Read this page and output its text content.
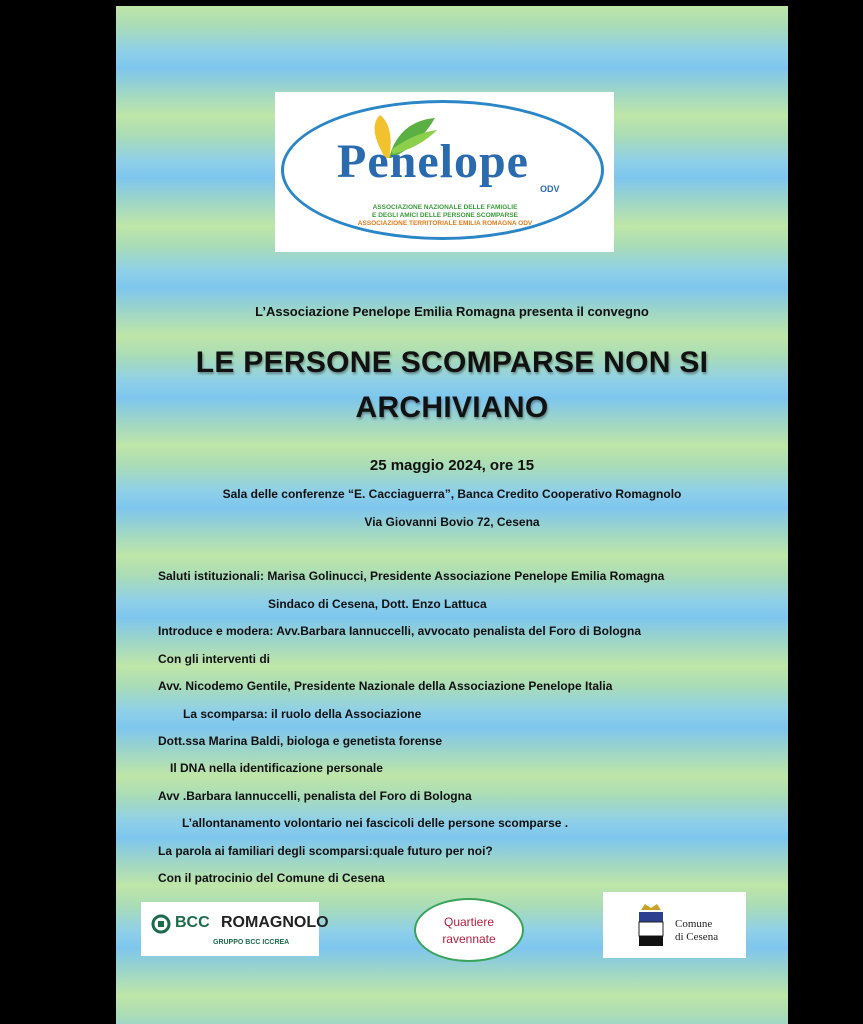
Penelope
ODV
ASSOCIAZIONE NAZIONALE DELLE FAMIGLIE
E DEGLI AMICI DELLE PERSONE SCOMPARSE
ASSOCIAZIONE TERRITORIALE EMILIA ROMAGNA ODV
L’Associazione Penelope Emilia Romagna presenta il convegno
LE PERSONE SCOMPARSE NON SI
ARCHIVIANO
25 maggio 2024, ore 15
Sala delle conferenze “E. Cacciaguerra”, Banca Credito Cooperativo Romagnolo
Via Giovanni Bovio 72, Cesena
Saluti istituzionali: Marisa Golinucci, Presidente Associazione Penelope Emilia Romagna
Sindaco di Cesena, Dott. Enzo Lattuca
Introduce e modera: Avv.Barbara Iannuccelli, avvocato penalista del Foro di Bologna
Con gli interventi di
Avv. Nicodemo Gentile, Presidente Nazionale della Associazione Penelope Italia
La scomparsa: il ruolo della Associazione
Dott.ssa Marina Baldi, biologa e genetista forense
Il DNA nella identificazione personale
Avv .Barbara Iannuccelli, penalista del Foro di Bologna
L’allontanamento volontario nei fascicoli delle persone scomparse .
La parola ai familiari degli scomparsi:quale futuro per noi?
Con il patrocinio del Comune di Cesena
BCC ROMAGNOLO
GRUPPO BCC ICCREA
Quartiere
ravennate
Comune
di Cesena
